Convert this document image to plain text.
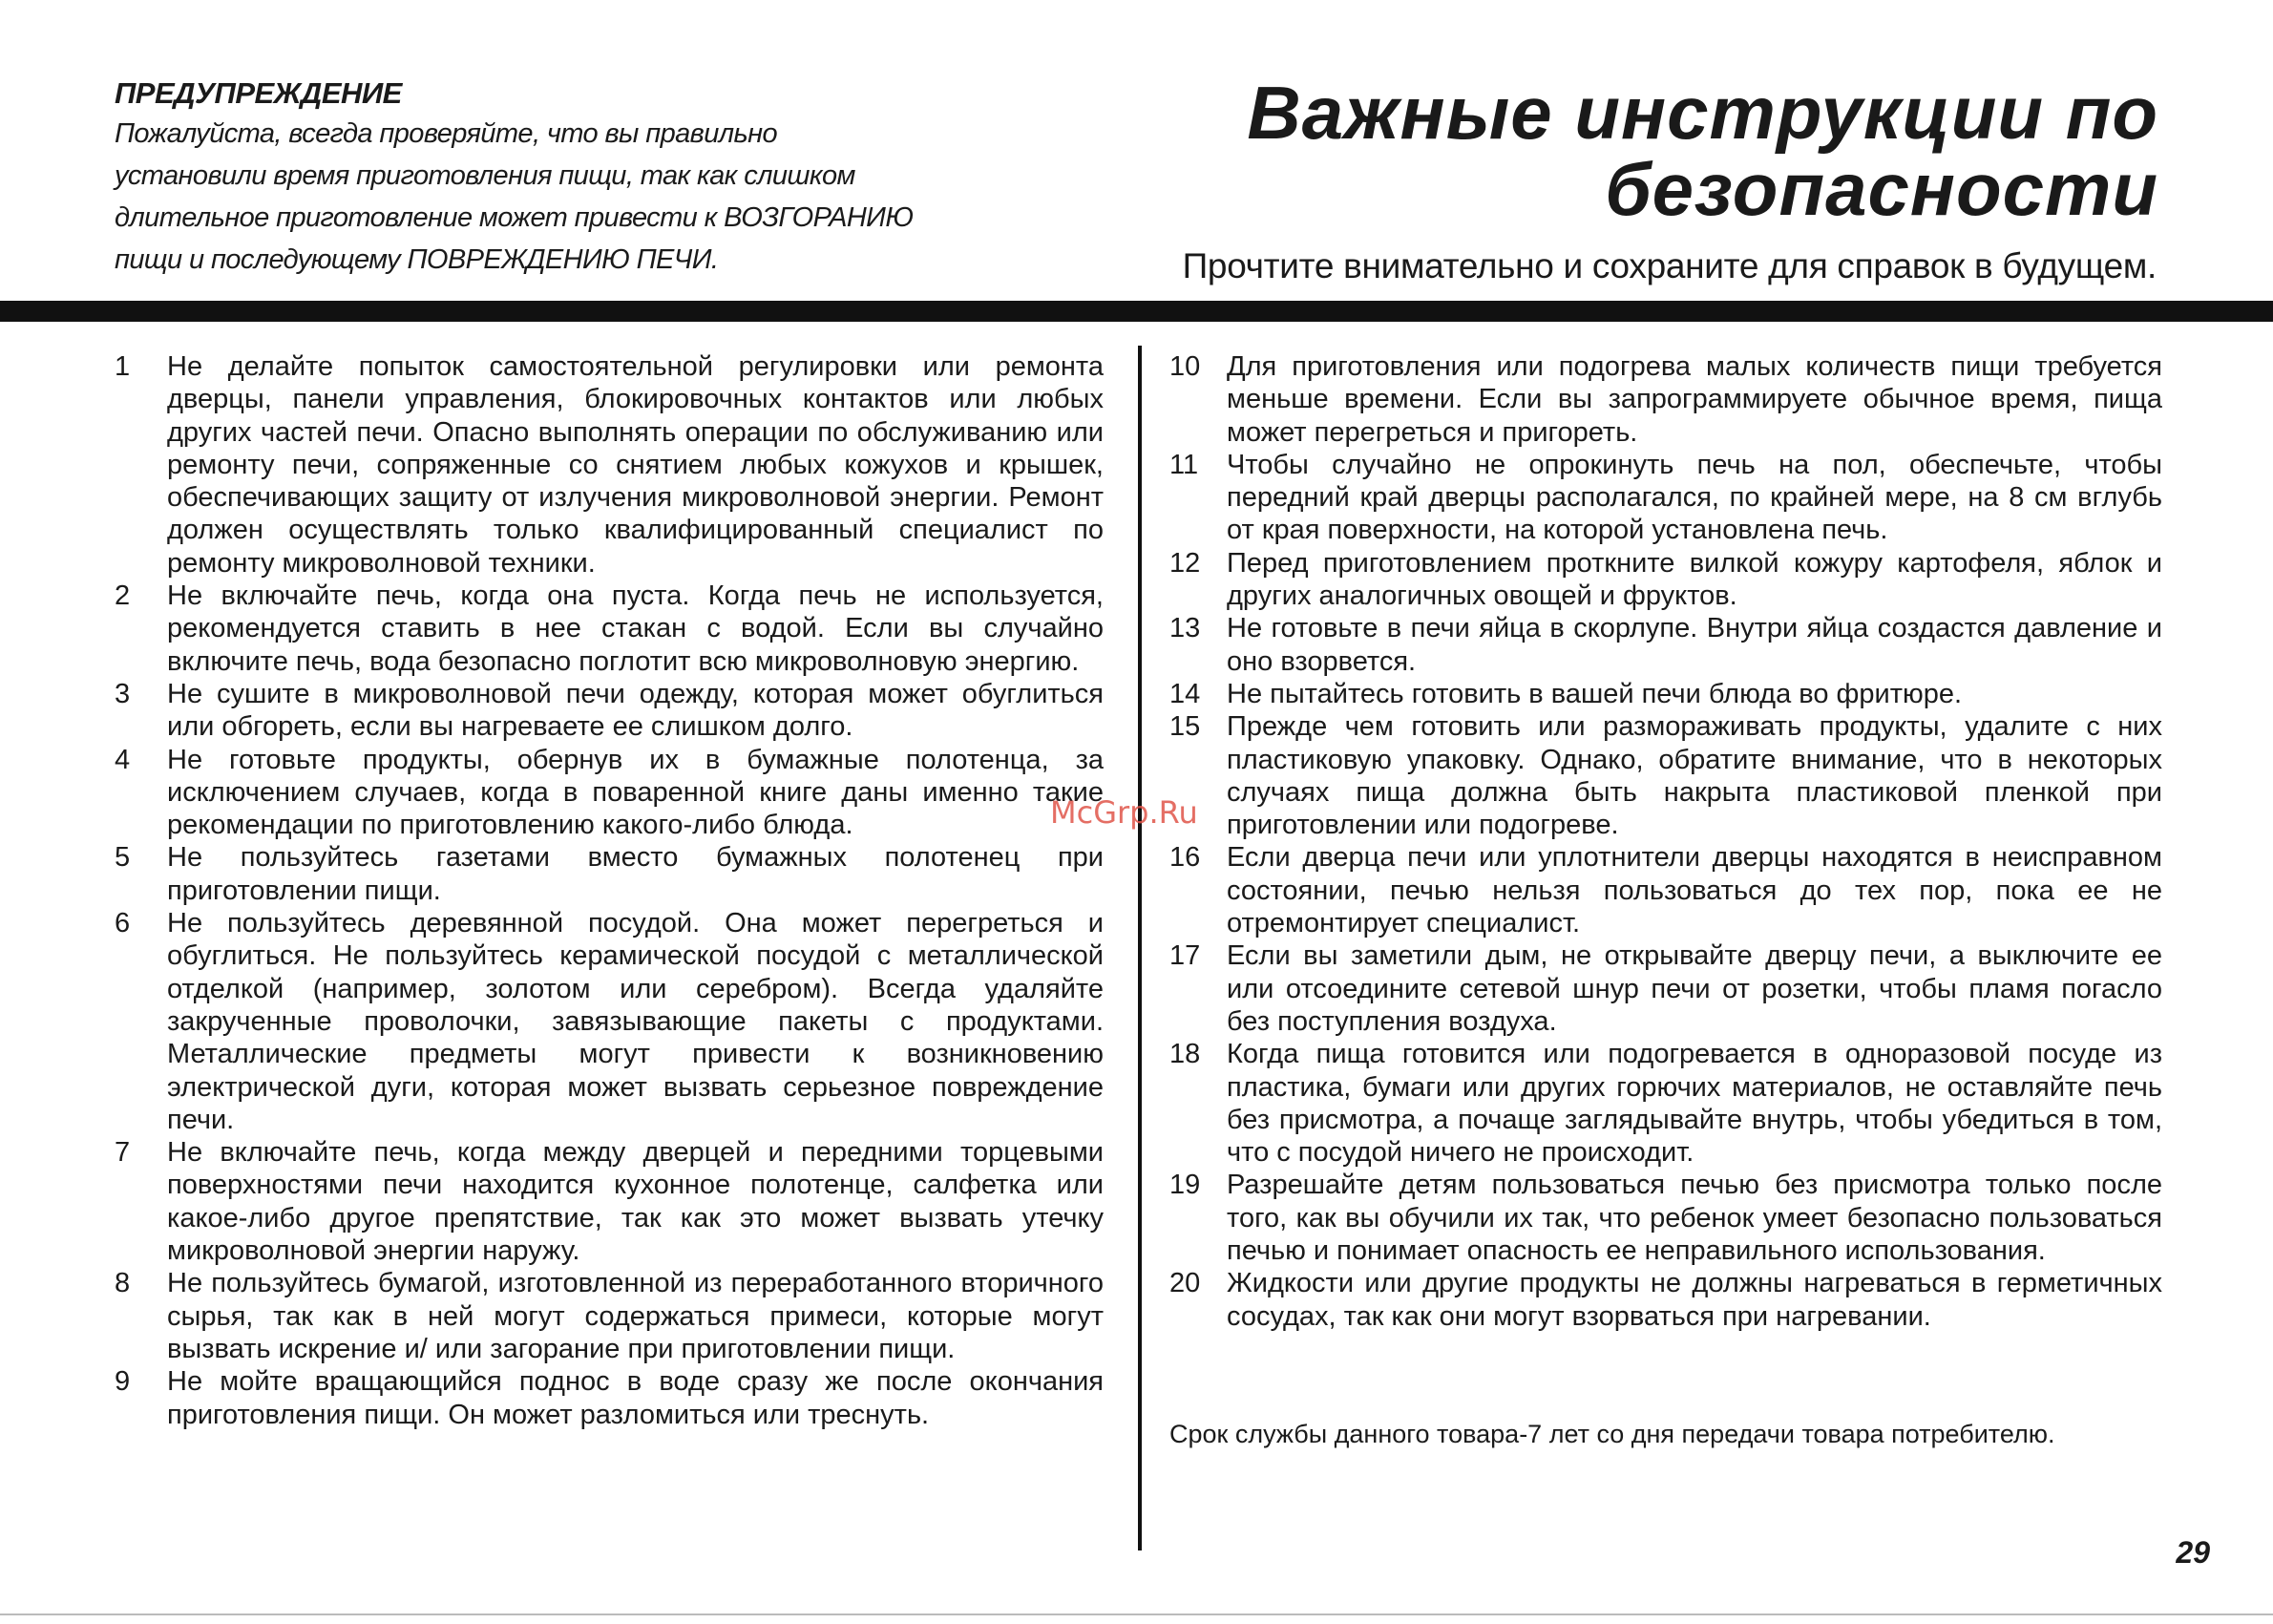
ПРЕДУПРЕЖДЕНИЕ
Пожалуйста, всегда проверяйте, что вы правильно
установили время приготовления пищи, так как слишком
длительное приготовление может привести к ВОЗГОРАНИЮ
пищи и последующему ПОВРЕЖДЕНИЮ ПЕЧИ.
Важные инструкции по
безопасности
Прочтите внимательно и сохраните для справок в будущем.
1	Не делайте попыток самостоятельной регулировки или ремонта дверцы, панели управления, блокировочных контактов или любых других частей печи. Опасно выполнять операции по обслуживанию или ремонту печи, сопряженные со снятием любых кожухов и крышек, обеспечивающих защиту от излучения микроволновой энергии. Ремонт должен осуществлять только квалифицированный специалист по ремонту микроволновой техники.
2	Не включайте печь, когда она пуста. Когда печь не используется, рекомендуется ставить в нее стакан с водой. Если вы случайно включите печь, вода безопасно поглотит всю микроволновую энергию.
3	Не сушите в микроволновой печи одежду, которая может обуглиться или обгореть, если вы нагреваете ее слишком долго.
4	Не готовьте продукты, обернув их в бумажные полотенца, за исключением случаев, когда в поваренной книге даны именно такие рекомендации по приготовлению какого-либо блюда.
5	Не пользуйтесь газетами вместо бумажных полотенец при приготовлении пищи.
6	Не пользуйтесь деревянной посудой. Она может перегреться и обуглиться. Не пользуйтесь керамической посудой с металлической отделкой (например, золотом или серебром). Всегда удаляйте закрученные проволочки, завязывающие пакеты с продуктами. Металлические предметы могут привести к возникновению электрической дуги, которая может вызвать серьезное повреждение печи.
7	Не включайте печь, когда между дверцей и передними торцевыми поверхностями печи находится кухонное полотенце, салфетка или какое-либо другое препятствие, так как это может вызвать утечку микроволновой энергии наружу.
8	Не пользуйтесь бумагой, изготовленной из переработанного вторичного сырья, так как в ней могут содержаться примеси, которые могут вызвать искрение и/ или загорание при приготовлении пищи.
9	Не мойте вращающийся поднос в воде сразу же после окончания приготовления пищи. Он может разломиться или треснуть.
10 Для приготовления или подогрева малых количеств пищи требуется меньше времени. Если вы запрограммируете обычное время, пища может перегреться и пригореть.
11	Чтобы случайно не опрокинуть печь на пол, обеспечьте, чтобы передний край дверцы располагался, по крайней мере, на 8 см вглубь от края поверхности, на которой установлена печь.
12 Перед приготовлением проткните вилкой кожуру картофеля, яблок и других аналогичных овощей и фруктов.
13 Не готовьте в печи яйца в скорлупе. Внутри яйца создастся давление и оно взорвется.
14 Не пытайтесь готовить в вашей печи блюда во фритюре.
15 Прежде чем готовить или размораживать продукты, удалите с них пластиковую упаковку. Однако, обратите внимание, что в некоторых случаях пища должна быть накрыта пластиковой пленкой при приготовлении или подогреве.
16 Если дверца печи или уплотнители дверцы находятся в неисправном состоянии, печью нельзя пользоваться до тех пор, пока ее не отремонтирует специалист.
17 Если вы заметили дым, не открывайте дверцу печи, а выключите ее или отсоедините сетевой шнур печи от розетки, чтобы пламя погасло без поступления воздуха.
18 Когда пища готовится или подогревается в одноразовой посуде из пластика, бумаги или других горючих материалов, не оставляйте печь без присмотра, а почаще заглядывайте внутрь, чтобы убедиться в том, что с посудой ничего не происходит.
19 Разрешайте детям пользоваться печью без присмотра только после того, как вы обучили их так, что ребенок умеет безопасно пользоваться печью и понимает опасность ее неправильного использования.
20 Жидкости или другие продукты не должны нагреваться в герметичных сосудах, так как они могут взорваться при нагревании.
Срок службы данного товара-7 лет со дня передачи товара потребителю.
McGrp.Ru
29
